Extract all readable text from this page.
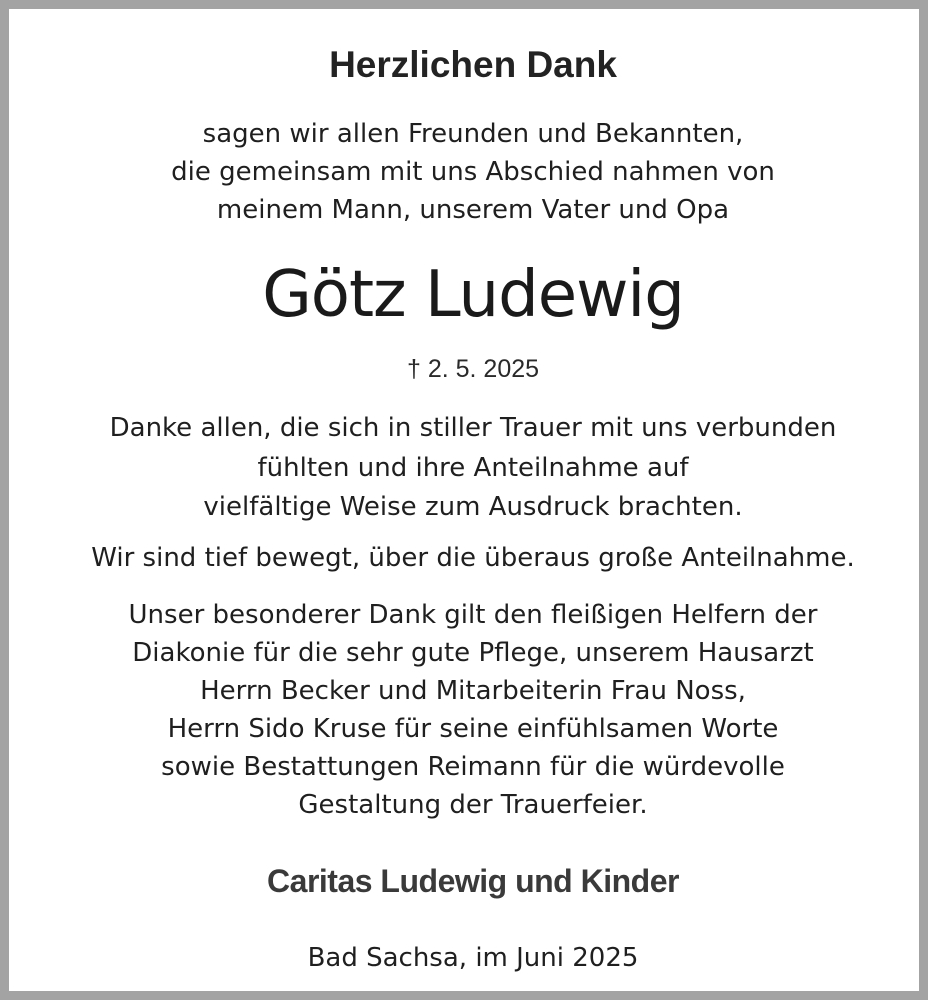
Herzlichen Dank
sagen wir allen Freunden und Bekannten,
die gemeinsam mit uns Abschied nahmen von
meinem Mann, unserem Vater und Opa
Götz Ludewig
† 2. 5. 2025
Danke allen, die sich in stiller Trauer mit uns verbunden
fühlten und ihre Anteilnahme auf
vielfältige Weise zum Ausdruck brachten.
Wir sind tief bewegt, über die überaus große Anteilnahme.
Unser besonderer Dank gilt den fleißigen Helfern der
Diakonie für die sehr gute Pflege, unserem Hausarzt
Herrn Becker und Mitarbeiterin Frau Noss,
Herrn Sido Kruse für seine einfühlsamen Worte
sowie Bestattungen Reimann für die würdevolle
Gestaltung der Trauerfeier.
Caritas Ludewig und Kinder
Bad Sachsa, im Juni 2025
